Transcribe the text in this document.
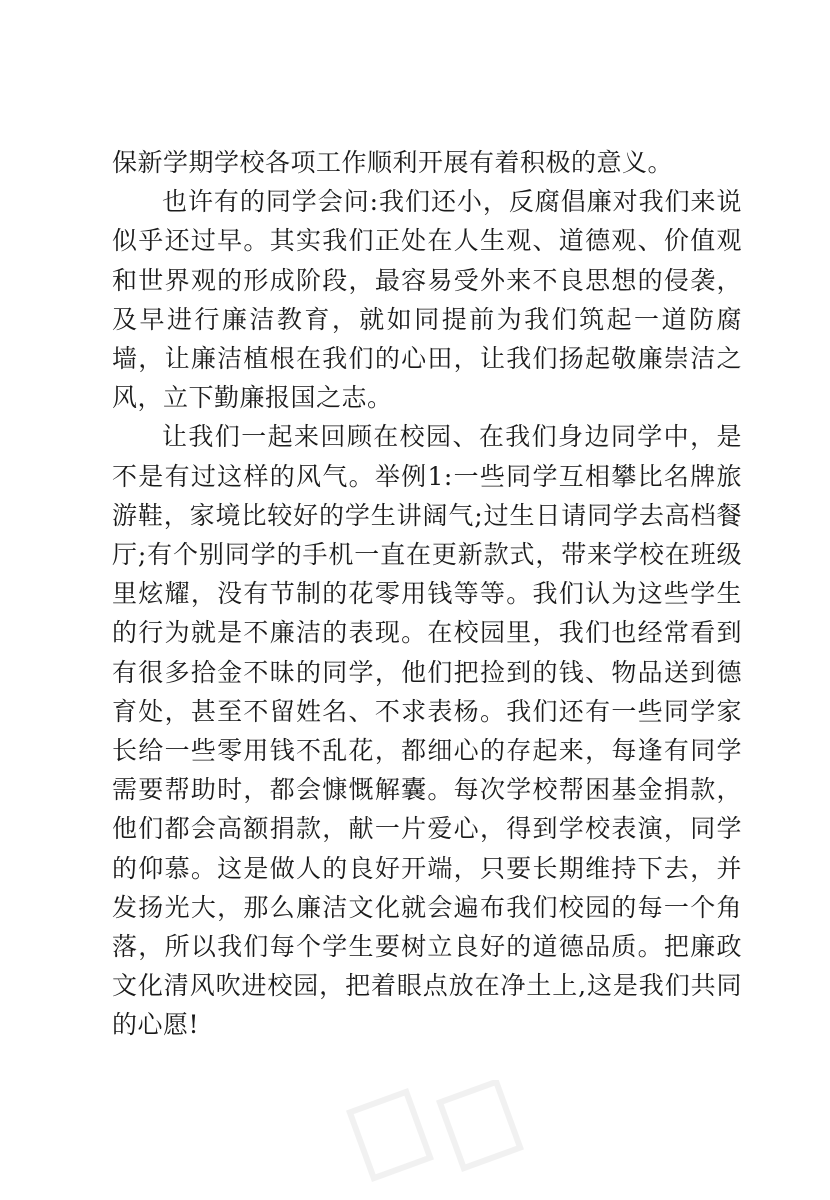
保新学期学校各项工作顺利开展有着积极的意义。

也许有的同学会问:我们还小，反腐倡廉对我们来说似乎还过早。其实我们正处在人生观、道德观、价值观和世界观的形成阶段，最容易受外来不良思想的侵袭，及早进行廉洁教育，就如同提前为我们筑起一道防腐墙，让廉洁植根在我们的心田，让我们扬起敬廉崇洁之风，立下勤廉报国之志。

让我们一起来回顾在校园、在我们身边同学中，是不是有过这样的风气。举例1:一些同学互相攀比名牌旅游鞋，家境比较好的学生讲阔气;过生日请同学去高档餐厅;有个别同学的手机一直在更新款式，带来学校在班级里炫耀，没有节制的花零用钱等等。我们认为这些学生的行为就是不廉洁的表现。在校园里，我们也经常看到有很多拾金不昧的同学，他们把捡到的钱、物品送到德育处，甚至不留姓名、不求表杨。我们还有一些同学家长给一些零用钱不乱花，都细心的存起来，每逢有同学需要帮助时，都会慷慨解囊。每次学校帮困基金捐款，他们都会高额捐款，献一片爱心，得到学校表演，同学的仰慕。这是做人的良好开端，只要长期维持下去，并发扬光大，那么廉洁文化就会遍布我们校园的每一个角落，所以我们每个学生要树立良好的道德品质。把廉政文化清风吹进校园，把着眼点放在净土上,这是我们共同的心愿!
